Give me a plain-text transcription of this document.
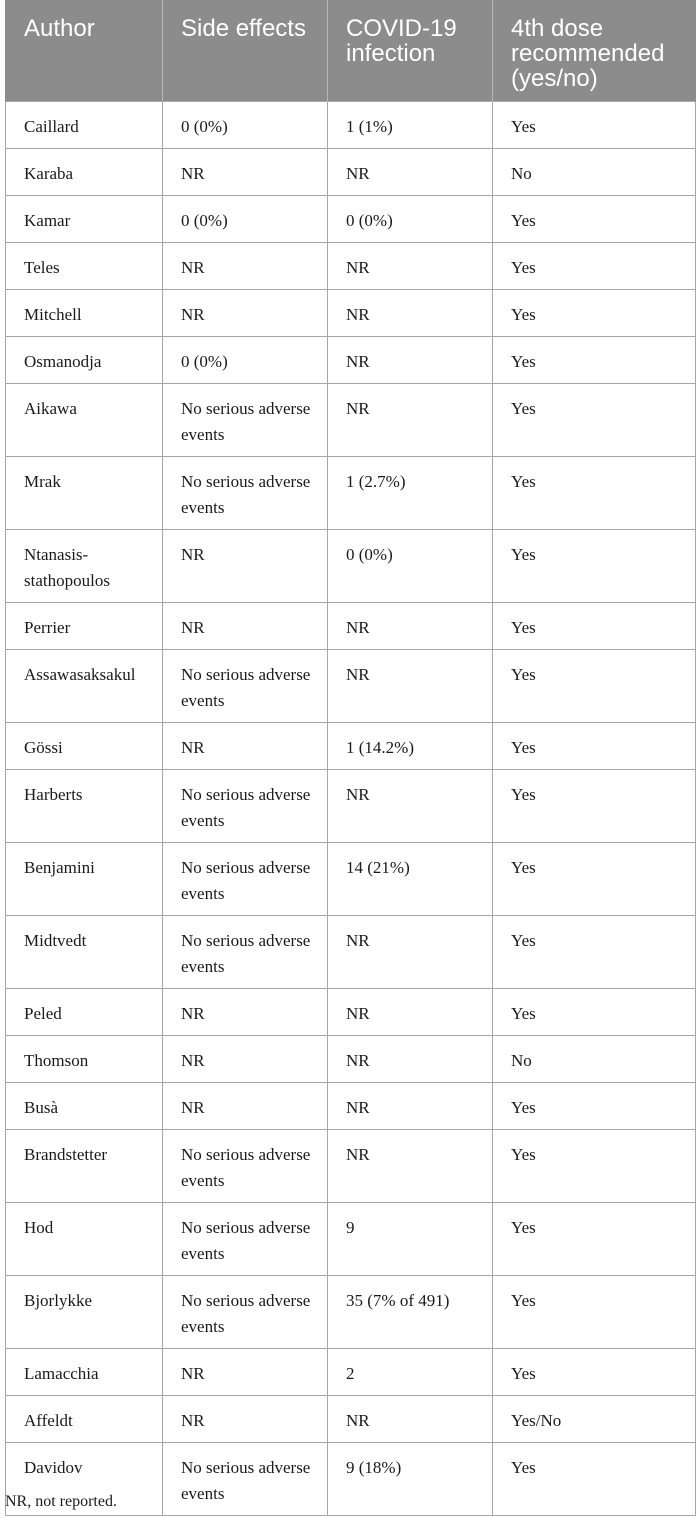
Author	Side effects	COVID-19 infection	4th dose recommended (yes/no)
Caillard	0 (0%)	1 (1%)	Yes
Karaba	NR	NR	No
Kamar	0 (0%)	0 (0%)	Yes
Teles	NR	NR	Yes
Mitchell	NR	NR	Yes
Osmanodja	0 (0%)	NR	Yes
Aikawa	No serious adverse events	NR	Yes
Mrak	No serious adverse events	1 (2.7%)	Yes
Ntanasis-stathopoulos	NR	0 (0%)	Yes
Perrier	NR	NR	Yes
Assawasaksakul	No serious adverse events	NR	Yes
Gössi	NR	1 (14.2%)	Yes
Harberts	No serious adverse events	NR	Yes
Benjamini	No serious adverse events	14 (21%)	Yes
Midtvedt	No serious adverse events	NR	Yes
Peled	NR	NR	Yes
Thomson	NR	NR	No
Busà	NR	NR	Yes
Brandstetter	No serious adverse events	NR	Yes
Hod	No serious adverse events	9	Yes
Bjorlykke	No serious adverse events	35 (7% of 491)	Yes
Lamacchia	NR	2	Yes
Affeldt	NR	NR	Yes/No
Davidov	No serious adverse events	9 (18%)	Yes
NR, not reported.
